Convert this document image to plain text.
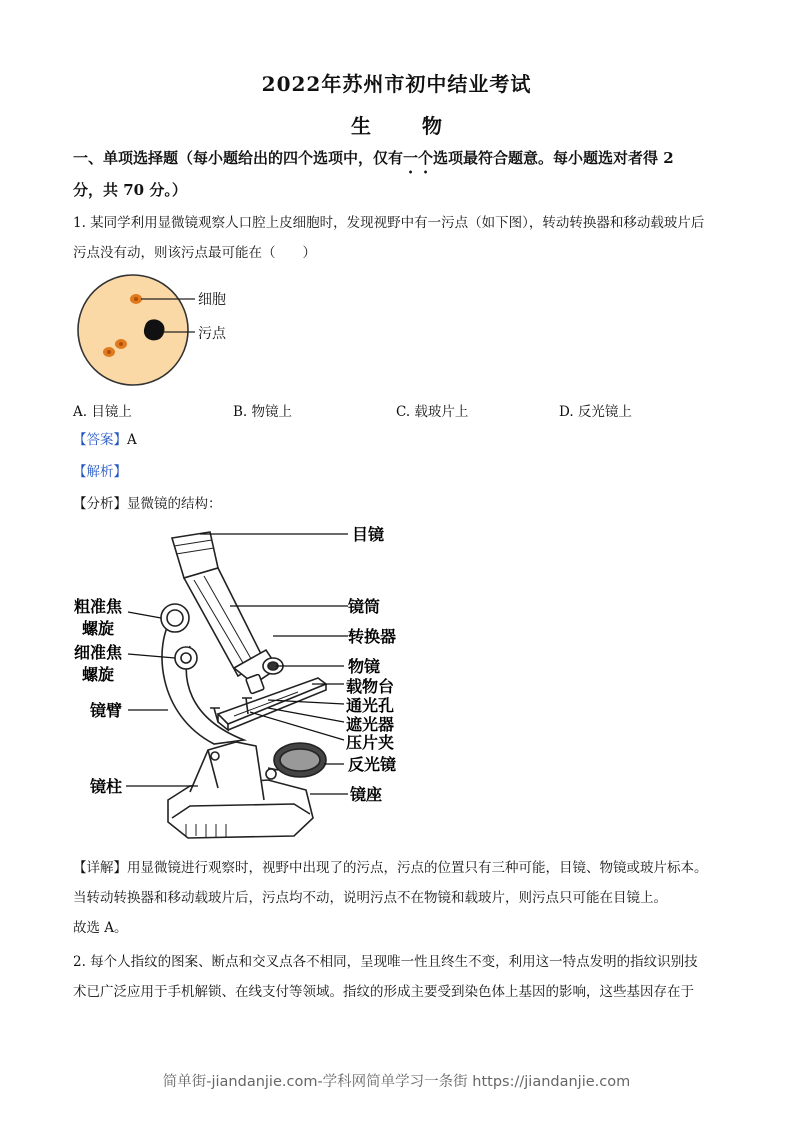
2022年苏州市初中结业考试
生 物
一、单项选择题（每小题给出的四个选项中，仅有一个选项最符合题意。每小题选对者得 2
分，共 70 分。）
1. 某同学利用显微镜观察人口腔上皮细胞时，发现视野中有一污点（如下图），转动转换器和移动载玻片后
污点没有动，则该污点最可能在（　　）
细胞
污点
A. 目镜上	B. 物镜上	C. 载玻片上	D. 反光镜上
【答案】A
【解析】
【分析】显微镜的结构：
目镜
镜筒
转换器
物镜
载物台
通光孔
遮光器
压片夹
反光镜
镜座
粗准焦
螺旋
细准焦
螺旋
镜臂
镜柱
【详解】用显微镜进行观察时，视野中出现了的污点，污点的位置只有三种可能，目镜、物镜或玻片标本。
当转动转换器和移动载玻片后，污点均不动，说明污点不在物镜和载玻片，则污点只可能在目镜上。
故选 A。
2. 每个人指纹的图案、断点和交叉点各不相同，呈现唯一性且终生不变，利用这一特点发明的指纹识别技
术已广泛应用于手机解锁、在线支付等领域。指纹的形成主要受到染色体上基因的影响，这些基因存在于
简单街-jiandanjie.com-学科网简单学习一条街 https://jiandanjie.com
